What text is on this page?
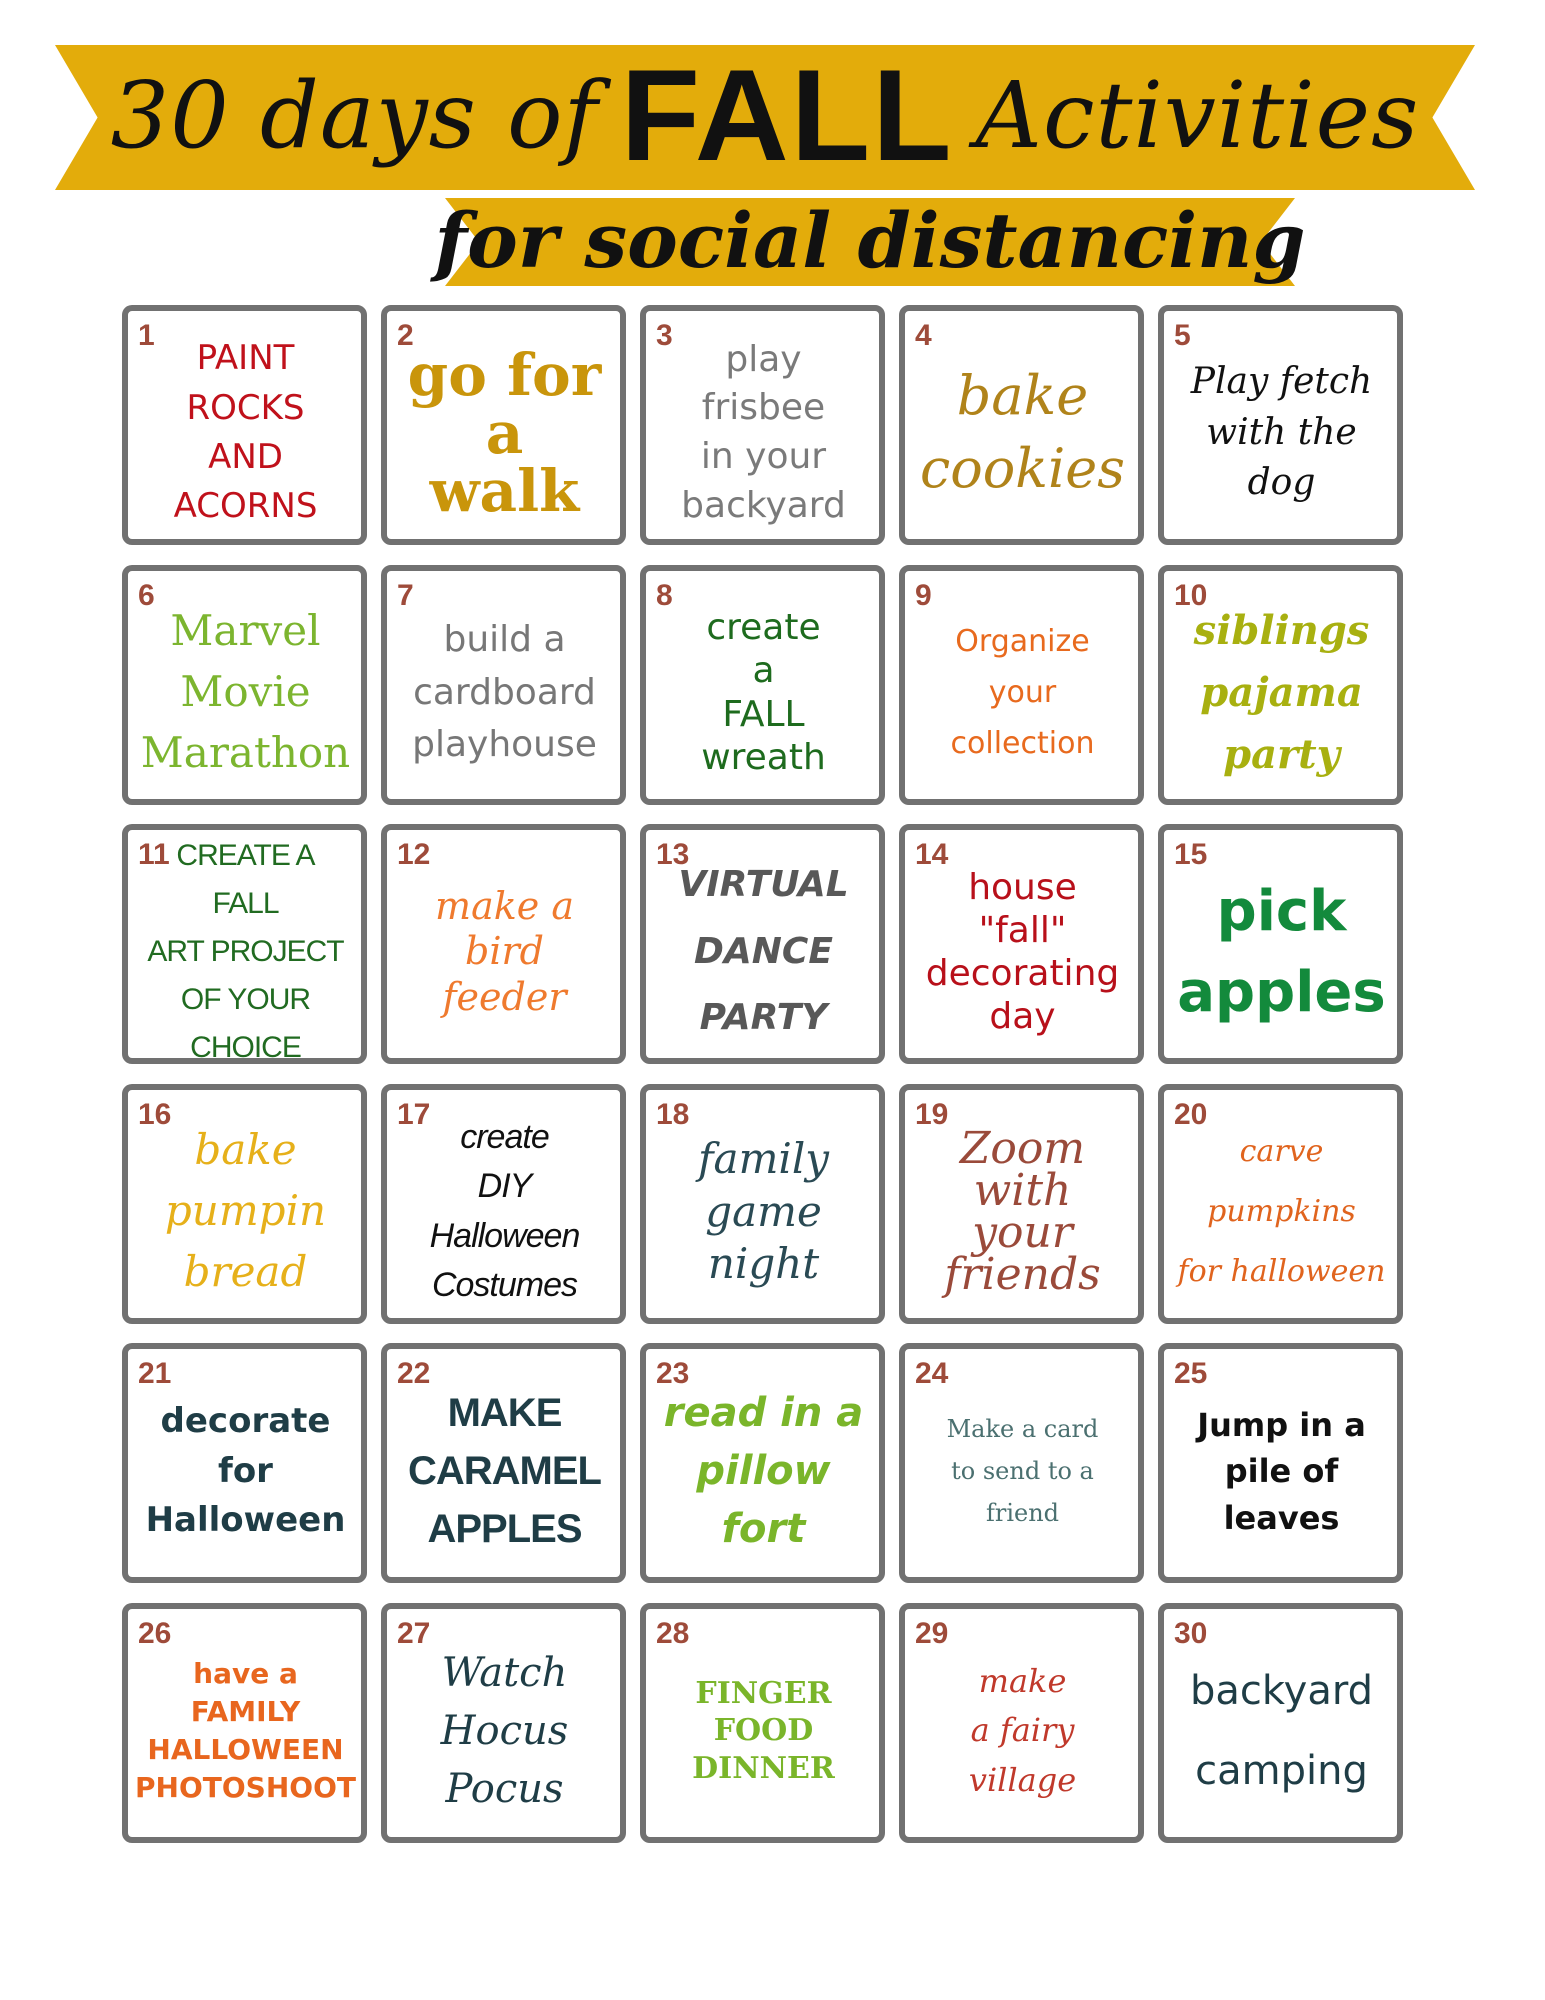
30 days of FALL Activities
for social distancing
1
PAINT
ROCKS
AND
ACORNS
2
go for
a
walk
3
play
frisbee
in your
backyard
4
bake
cookies
5
Play fetch
with the
dog
6
Marvel
Movie
Marathon
7
build a
cardboard
playhouse
8
create
a
FALL
wreath
9
Organize
your
collection
10
siblings
pajama
party
11 CREATE A
FALL
ART PROJECT
OF YOUR CHOICE
12
make a
bird
feeder
13
VIRTUAL
DANCE
PARTY
14
house
"fall"
decorating
day
15
pick
apples
16
bake
pumpin
bread
17
create
DIY
Halloween
Costumes
18
family
game
night
19
Zoom
with
your
friends
20
carve
pumpkins
for halloween
21
decorate
for
Halloween
22
MAKE
CARAMEL
APPLES
23
read in a
pillow
fort
24
Make a card
to send to a
friend
25
Jump in a
pile of
leaves
26
have a
FAMILY
HALLOWEEN
PHOTOSHOOT
27
Watch
Hocus
Pocus
28
FINGER
FOOD
DINNER
29
make
a fairy
village
30
backyard

camping
